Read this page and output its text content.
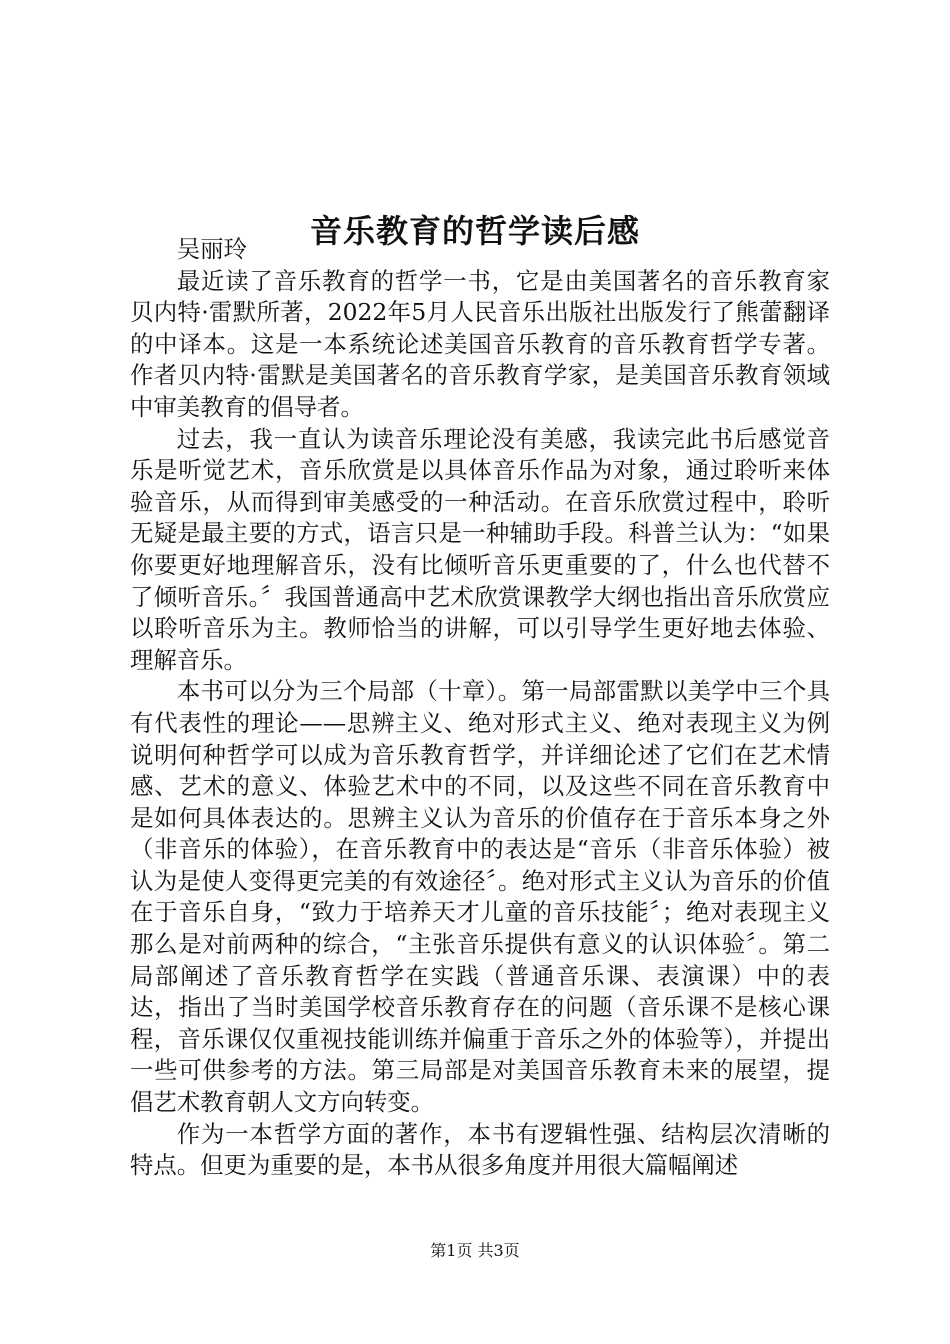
音乐教育的哲学读后感

吴丽玲

最近读了音乐教育的哲学一书，它是由美国著名的音乐教育家贝内特·雷默所著，2022年5月人民音乐出版社出版发行了熊蕾翻译的中译本。这是一本系统论述美国音乐教育的音乐教育哲学专著。作者贝内特·雷默是美国著名的音乐教育学家，是美国音乐教育领域中审美教育的倡导者。

过去，我一直认为读音乐理论没有美感，我读完此书后感觉音乐是听觉艺术，音乐欣赏是以具体音乐作品为对象，通过聆听来体验音乐，从而得到审美感受的一种活动。在音乐欣赏过程中，聆听无疑是最主要的方式，语言只是一种辅助手段。科普兰认为：“如果你要更好地理解音乐，没有比倾听音乐更重要的了，什么也代替不了倾听音乐。〞我国普通高中艺术欣赏课教学大纲也指出音乐欣赏应以聆听音乐为主。教师恰当的讲解，可以引导学生更好地去体验、理解音乐。

本书可以分为三个局部（十章）。第一局部雷默以美学中三个具有代表性的理论——思辨主义、绝对形式主义、绝对表现主义为例说明何种哲学可以成为音乐教育哲学，并详细论述了它们在艺术情感、艺术的意义、体验艺术中的不同，以及这些不同在音乐教育中是如何具体表达的。思辨主义认为音乐的价值存在于音乐本身之外（非音乐的体验），在音乐教育中的表达是“音乐（非音乐体验）被认为是使人变得更完美的有效途径〞。绝对形式主义认为音乐的价值在于音乐自身，“致力于培养天才儿童的音乐技能〞；绝对表现主义那么是对前两种的综合，“主张音乐提供有意义的认识体验〞。第二局部阐述了音乐教育哲学在实践（普通音乐课、表演课）中的表达，指出了当时美国学校音乐教育存在的问题（音乐课不是核心课程，音乐课仅仅重视技能训练并偏重于音乐之外的体验等），并提出一些可供参考的方法。第三局部是对美国音乐教育未来的展望，提倡艺术教育朝人文方向转变。

作为一本哲学方面的著作，本书有逻辑性强、结构层次清晰的特点。但更为重要的是，本书从很多角度并用很大篇幅阐述

第1页 共3页
